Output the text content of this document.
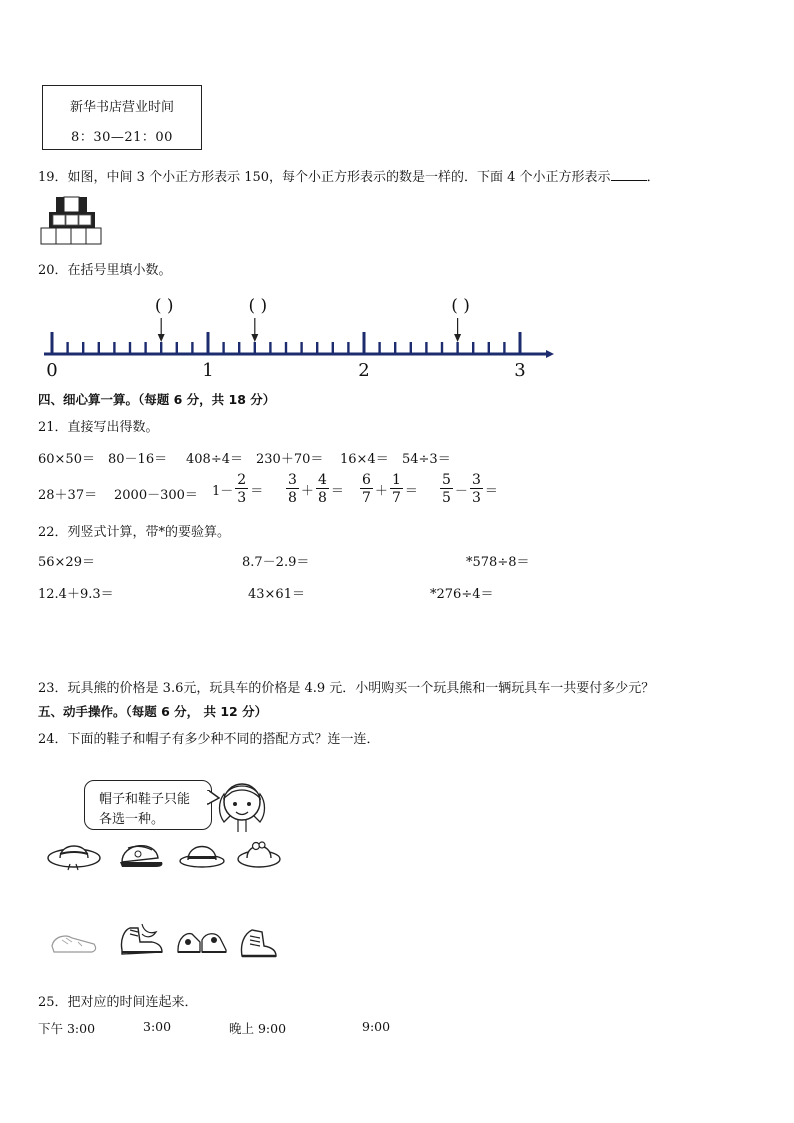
新华书店营业时间
8：30—21：00
19．如图，中间 3 个小正方形表示 150，每个小正方形表示的数是一样的．下面 4 个小正方形表示	．
20．在括号里填小数。
( )	( )	( )
0	1	2	3
四、细心算一算。（每题 6 分，共 18 分）
21．直接写出得数。
60×50＝ 80－16＝ 408÷4＝ 230＋70＝ 16×4＝ 54÷3＝
$28+37= 2000-300= 1- \frac{2}{3} = \frac{3}{8} + \frac{4}{8} = \frac{6}{7} + \frac{1}{7} = \frac{5}{5} - \frac{3}{3}$ ＝
22．列竖式计算，带*的要验算。
56×29＝	8.7－2.9＝	*578÷8＝
12.4＋9.3＝	43×61＝	*276÷4＝
23．玩具熊的价格是 3.6元，玩具车的价格是 4.9 元．小明购买一个玩具熊和一辆玩具车一共要付多少元？
五、动手操作。（每题 6 分， 共 12 分）
24．下面的鞋子和帽子有多少种不同的搭配方式？连一连．
帽子和鞋子只能
各选一种。
25．把对应的时间连起来．
下午 3:00	3:00	晚上 9:00	9:00
